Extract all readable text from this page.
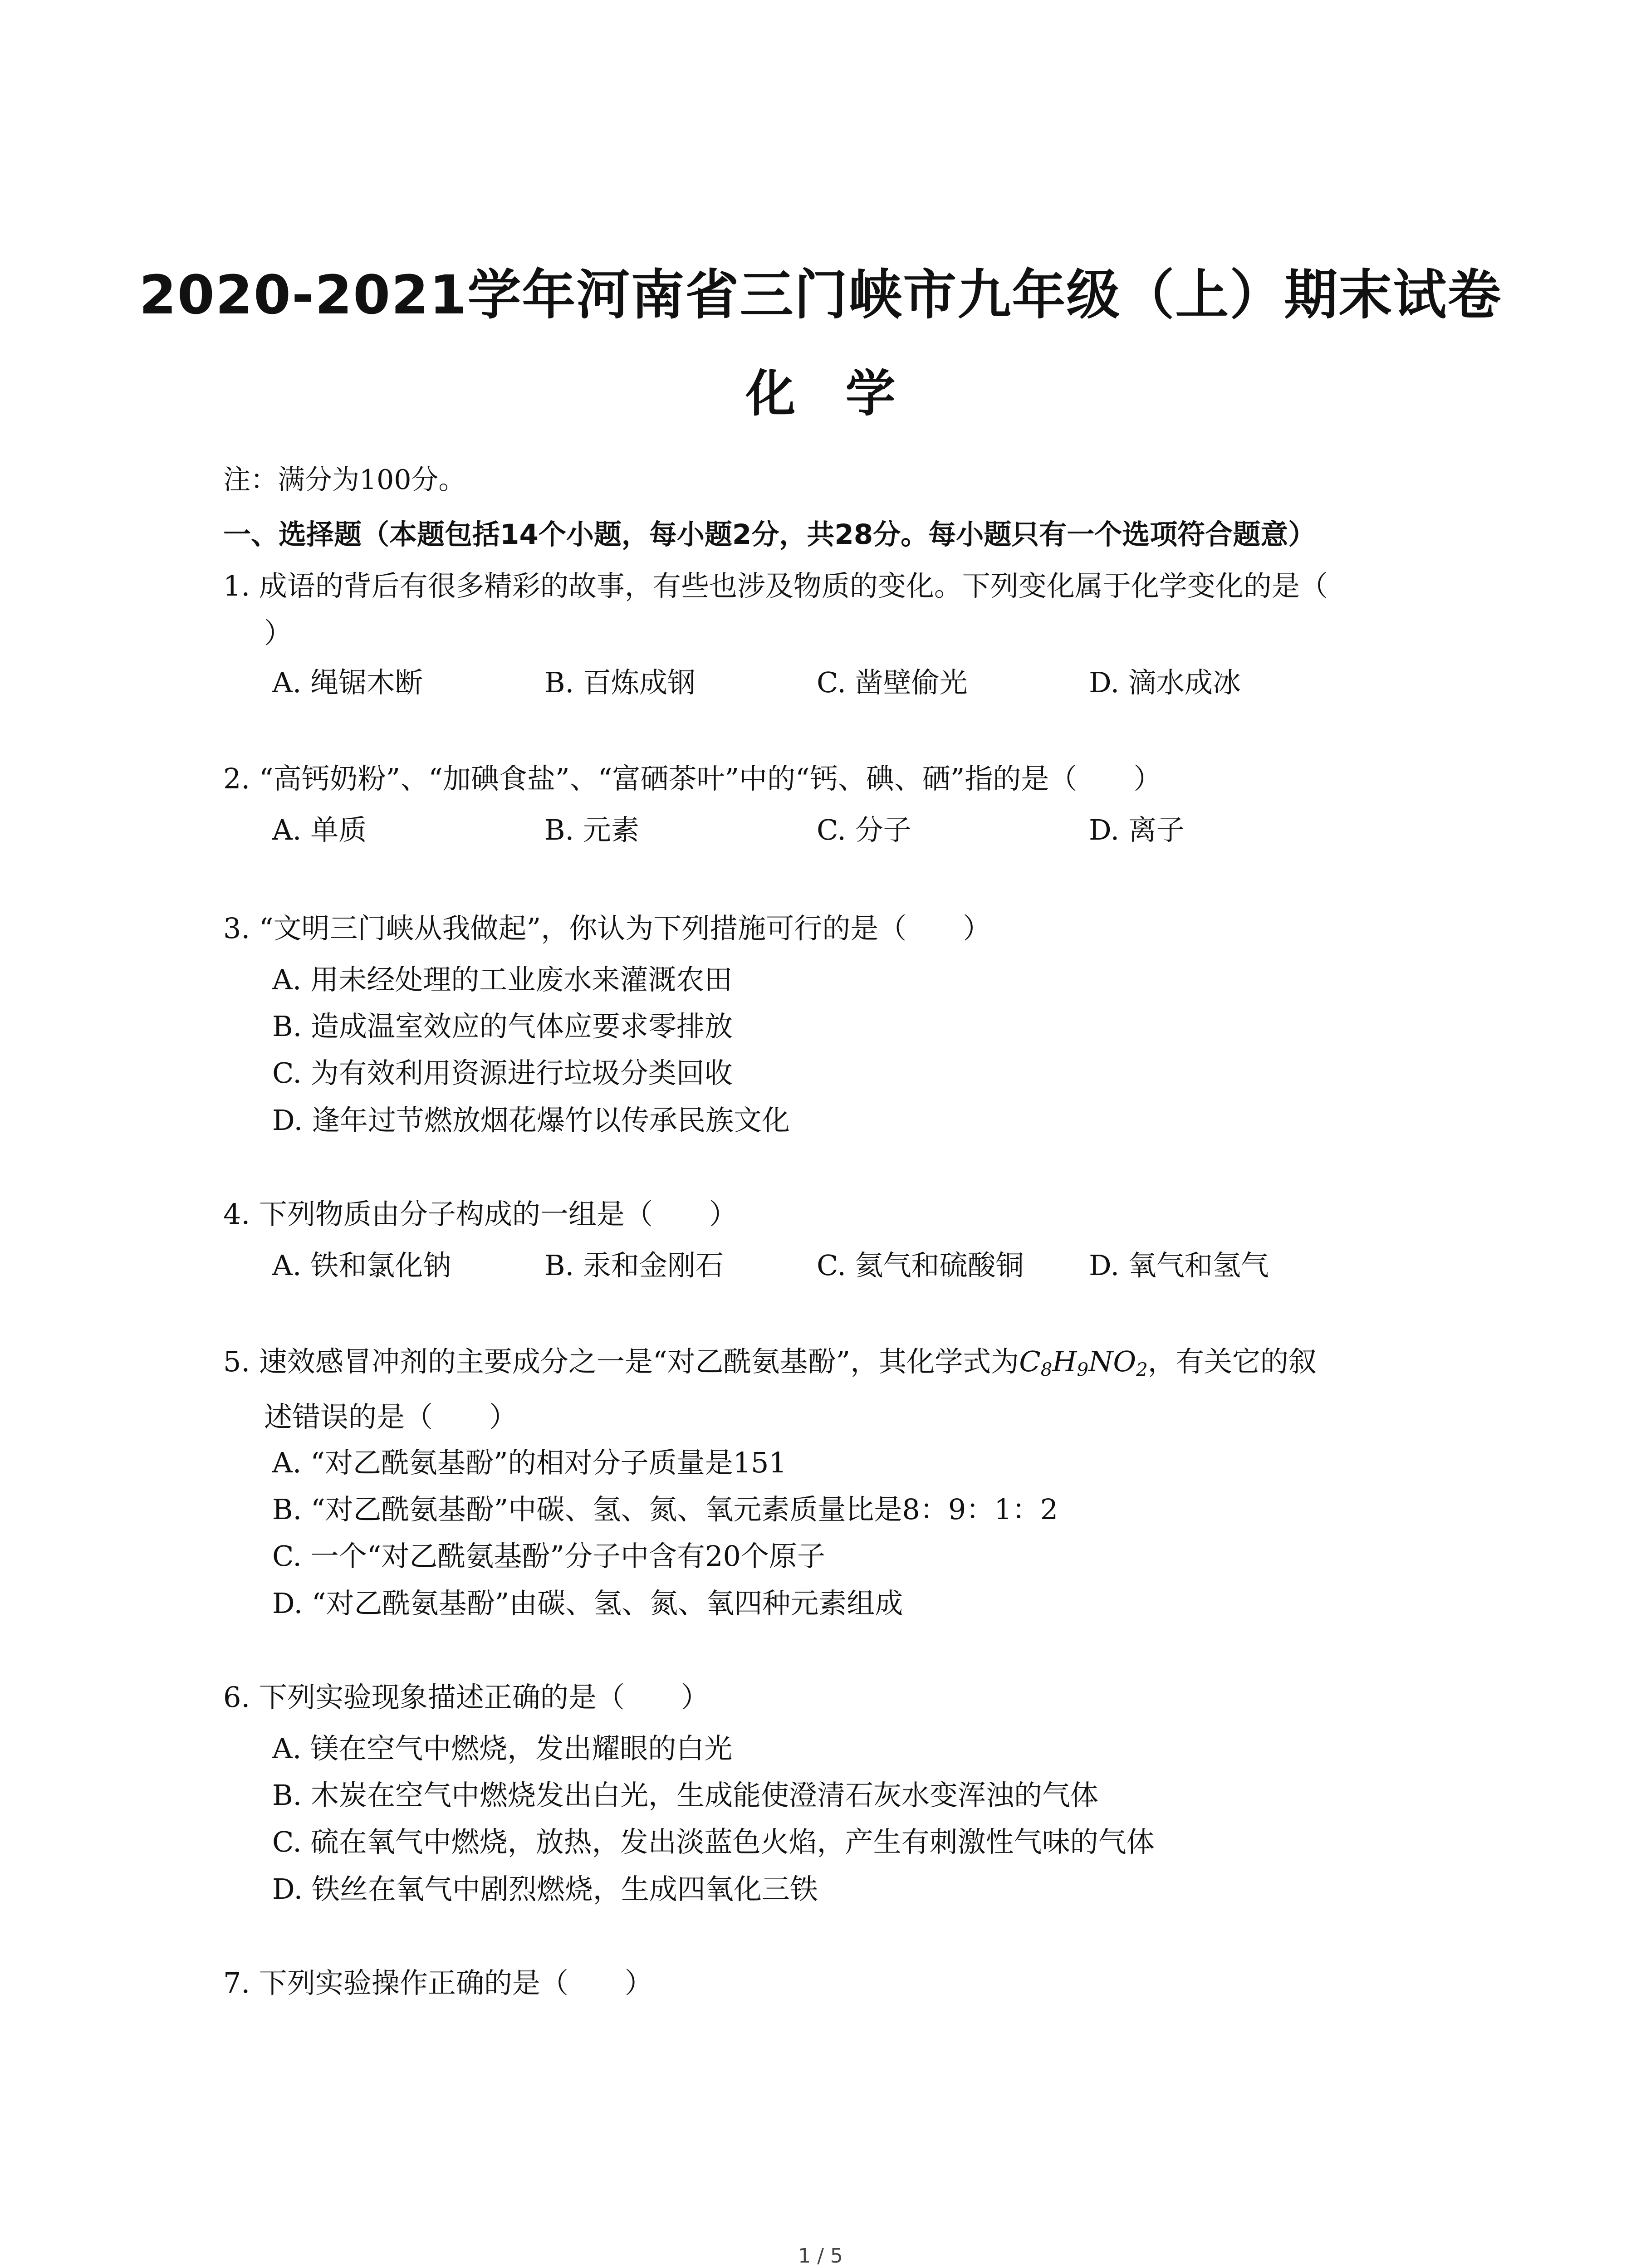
2020-2021学年河南省三门峡市九年级（上）期末试卷
化学
注：满分为100分。
一、选择题（本题包括14个小题，每小题2分，共28分。每小题只有一个选项符合题意）
1. 成语的背后有很多精彩的故事，有些也涉及物质的变化。下列变化属于化学变化的是（
）
A. 绳锯木断	B. 百炼成钢	C. 凿壁偷光	D. 滴水成冰
2. “高钙奶粉”、“加碘食盐”、“富硒茶叶”中的“钙、碘、硒”指的是（　　）
A. 单质	B. 元素	C. 分子	D. 离子
3. “文明三门峡从我做起”，你认为下列措施可行的是（　　）
A. 用未经处理的工业废水来灌溉农田
B. 造成温室效应的气体应要求零排放
C. 为有效利用资源进行垃圾分类回收
D. 逢年过节燃放烟花爆竹以传承民族文化
4. 下列物质由分子构成的一组是（　　）
A. 铁和氯化钠	B. 汞和金刚石	C. 氦气和硫酸铜 D. 氧气和氢气
5. 速效感冒冲剂的主要成分之一是“对乙酰氨基酚”，其化学式为$C_8H_9NO_2$，有关它的叙
述错误的是（　　）
A. “对乙酰氨基酚”的相对分子质量是151
B. “对乙酰氨基酚”中碳、氢、氮、氧元素质量比是8：9：1：2
C. 一个“对乙酰氨基酚”分子中含有20个原子
D. “对乙酰氨基酚”由碳、氢、氮、氧四种元素组成
6. 下列实验现象描述正确的是（　　）
A. 镁在空气中燃烧，发出耀眼的白光
B. 木炭在空气中燃烧发出白光，生成能使澄清石灰水变浑浊的气体
C. 硫在氧气中燃烧，放热，发出淡蓝色火焰，产生有刺激性气味的气体
D. 铁丝在氧气中剧烈燃烧，生成四氧化三铁
7. 下列实验操作正确的是（　　）
1 / 5
